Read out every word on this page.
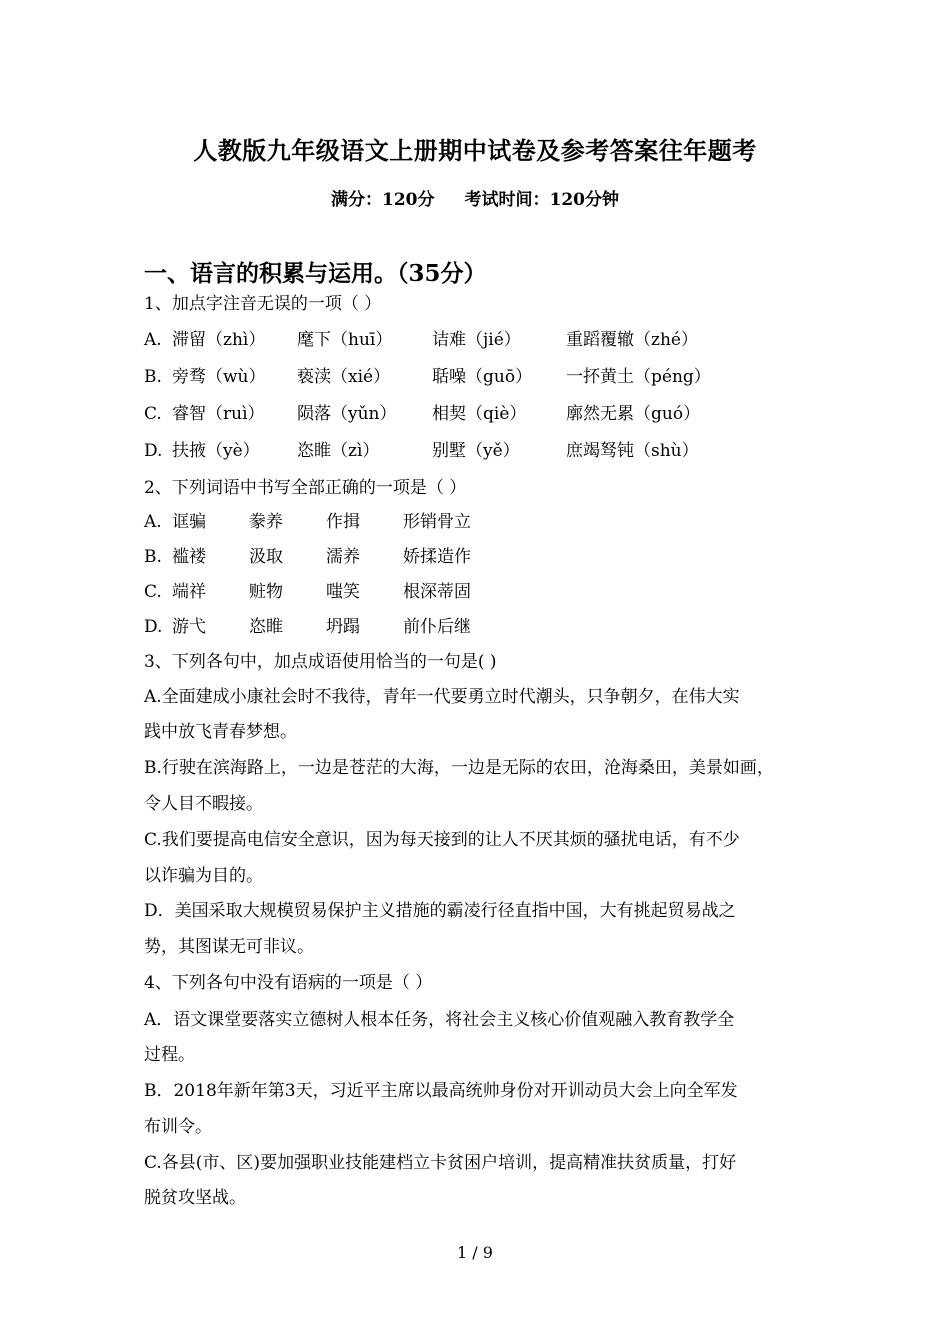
人教版九年级语文上册期中试卷及参考答案往年题考
满分：120分 考试时间：120分钟
一、语言的积累与运用。（35分）
1、加点字注音无误的一项（ ）
A. 滞留（zhì） 麾下（huī） 诘难（jié）	重蹈覆辙（zhé）
B. 旁骛（wù） 亵渎（xié） 聒噪（guō） 一抔黄土（péng）
C. 睿智（ruì） 陨落（yǔn） 相契（qiè） 廓然无累（guó）
D. 扶掖（yè） 恣睢（zì）	别墅（yě）	庶竭驽钝（shù）
2、下列词语中书写全部正确的一项是（ ）
A. 诓骗	豢养	作揖	形销骨立
B. 褴褛	汲取	濡养	娇揉造作
C. 端祥	赃物	嗤笑	根深蒂固
D. 游弋	恣睢	坍蹋	前仆后继
3、下列各句中，加点成语使用恰当的一句是( )
A.全面建成小康社会时不我待，青年一代要勇立时代潮头，只争朝夕，在伟大实
践中放飞青春梦想。
B.行驶在滨海路上，一边是苍茫的大海，一边是无际的农田，沧海桑田，美景如画，
令人目不暇接。
C.我们要提高电信安全意识，因为每天接到的让人不厌其烦的骚扰电话，有不少
以诈骗为目的。
D．美国采取大规模贸易保护主义措施的霸凌行径直指中国，大有挑起贸易战之
势，其图谋无可非议。
4、下列各句中没有语病的一项是（ ）
A．语文课堂要落实立德树人根本任务，将社会主义核心价值观融入教育教学全
过程。
B．2018年新年第3天，习近平主席以最高统帅身份对开训动员大会上向全军发
布训令。
C.各县(市、区)要加强职业技能建档立卡贫困户培训，提高精准扶贫质量，打好
脱贫攻坚战。
1 / 9
